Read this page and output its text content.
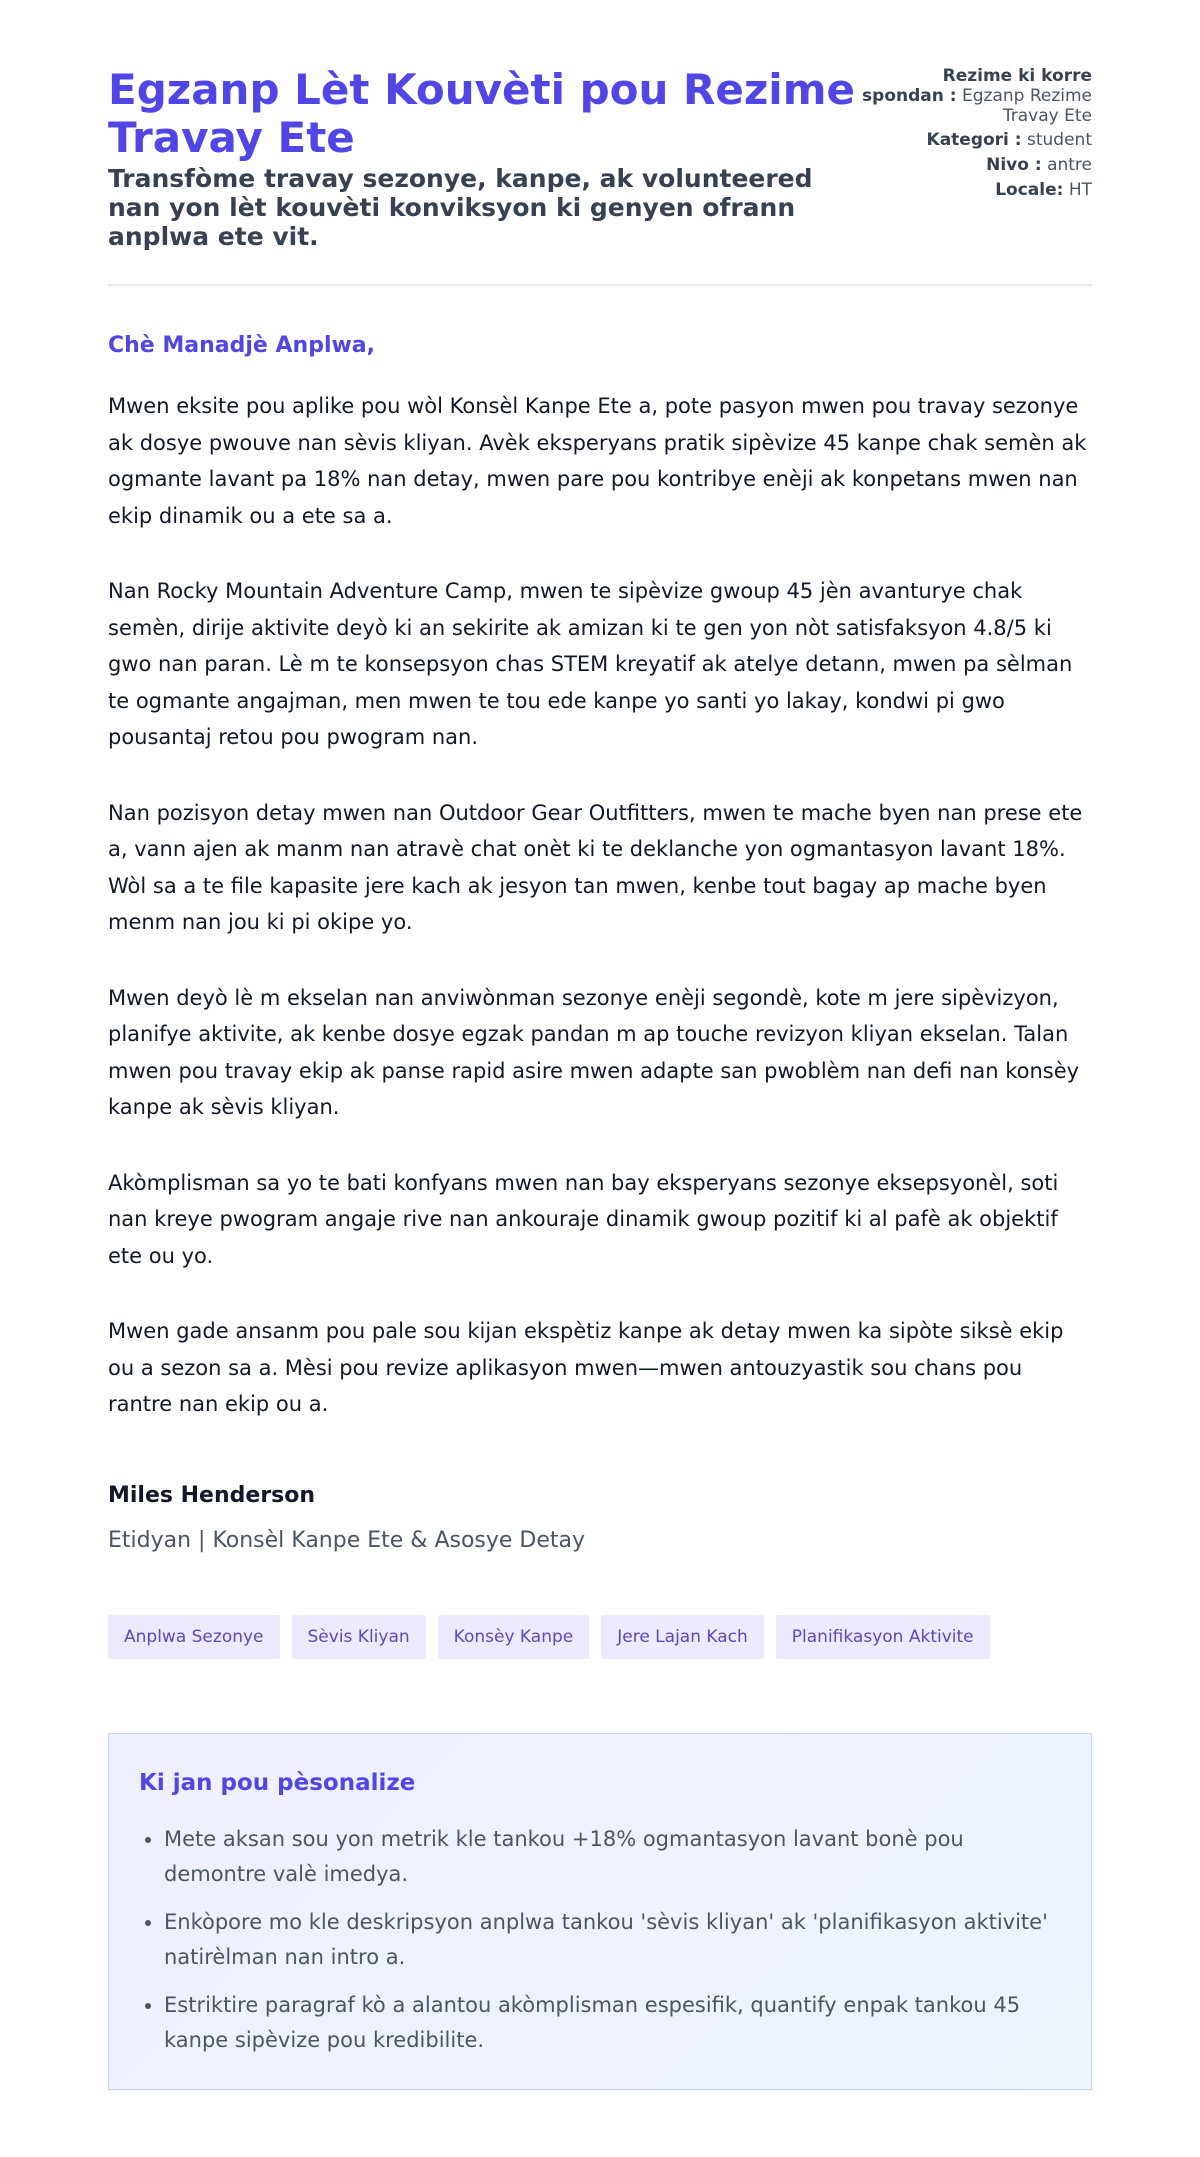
Egzanp Lèt Kouvèti pou Rezime Travay Ete
Transfòme travay sezonye, kanpe, ak volunteered nan yon lèt kouvèti konviksyon ki genyen ofrann anplwa ete vit.
Rezime ki korre spondan : Egzanp Rezime Travay Ete
Kategori : student
Nivo : antre
Locale: HT

Chè Manadjè Anplwa,

Mwen eksite pou aplike pou wòl Konsèl Kanpe Ete a, pote pasyon mwen pou travay sezonye ak dosye pwouve nan sèvis kliyan. Avèk eksperyans pratik sipèvize 45 kanpe chak semèn ak ogmante lavant pa 18% nan detay, mwen pare pou kontribye enèji ak konpetans mwen nan ekip dinamik ou a ete sa a.

Nan Rocky Mountain Adventure Camp, mwen te sipèvize gwoup 45 jèn avanturye chak semèn, dirije aktivite deyò ki an sekirite ak amizan ki te gen yon nòt satisfaksyon 4.8/5 ki gwo nan paran. Lè m te konsepsyon chas STEM kreyatif ak atelye detann, mwen pa sèlman te ogmante angajman, men mwen te tou ede kanpe yo santi yo lakay, kondwi pi gwo pousantaj retou pou pwogram nan.

Nan pozisyon detay mwen nan Outdoor Gear Outfitters, mwen te mache byen nan prese ete a, vann ajen ak manm nan atravè chat onèt ki te deklanche yon ogmantasyon lavant 18%. Wòl sa a te file kapasite jere kach ak jesyon tan mwen, kenbe tout bagay ap mache byen menm nan jou ki pi okipe yo.

Mwen deyò lè m ekselan nan anviwònman sezonye enèji segondè, kote m jere sipèvizyon, planifye aktivite, ak kenbe dosye egzak pandan m ap touche revizyon kliyan ekselan. Talan mwen pou travay ekip ak panse rapid asire mwen adapte san pwoblèm nan defi nan konsèy kanpe ak sèvis kliyan.

Akòmplisman sa yo te bati konfyans mwen nan bay eksperyans sezonye eksepsyonèl, soti nan kreye pwogram angaje rive nan ankouraje dinamik gwoup pozitif ki al pafè ak objektif ete ou yo.

Mwen gade ansanm pou pale sou kijan ekspètiz kanpe ak detay mwen ka sipòte siksè ekip ou a sezon sa a. Mèsi pou revize aplikasyon mwen—mwen antouzyastik sou chans pou rantre nan ekip ou a.

Miles Henderson
Etidyan | Konsèl Kanpe Ete & Asosye Detay
Anplwa Sezonye	Sèvis Kliyan	Konsèy Kanpe	Jere Lajan Kach	Planifikasyon Aktivite
Ki jan pou pèsonalize
• Mete aksan sou yon metrik kle tankou +18% ogmantasyon lavant bonè pou demontre valè imedya.
• Enkòpore mo kle deskripsyon anplwa tankou 'sèvis kliyan' ak 'planifikasyon aktivite' natirèlman nan intro a.
• Estriktire paragraf kò a alantou akòmplisman espesifik, quantify enpak tankou 45 kanpe sipèvize pou kredibilite.
